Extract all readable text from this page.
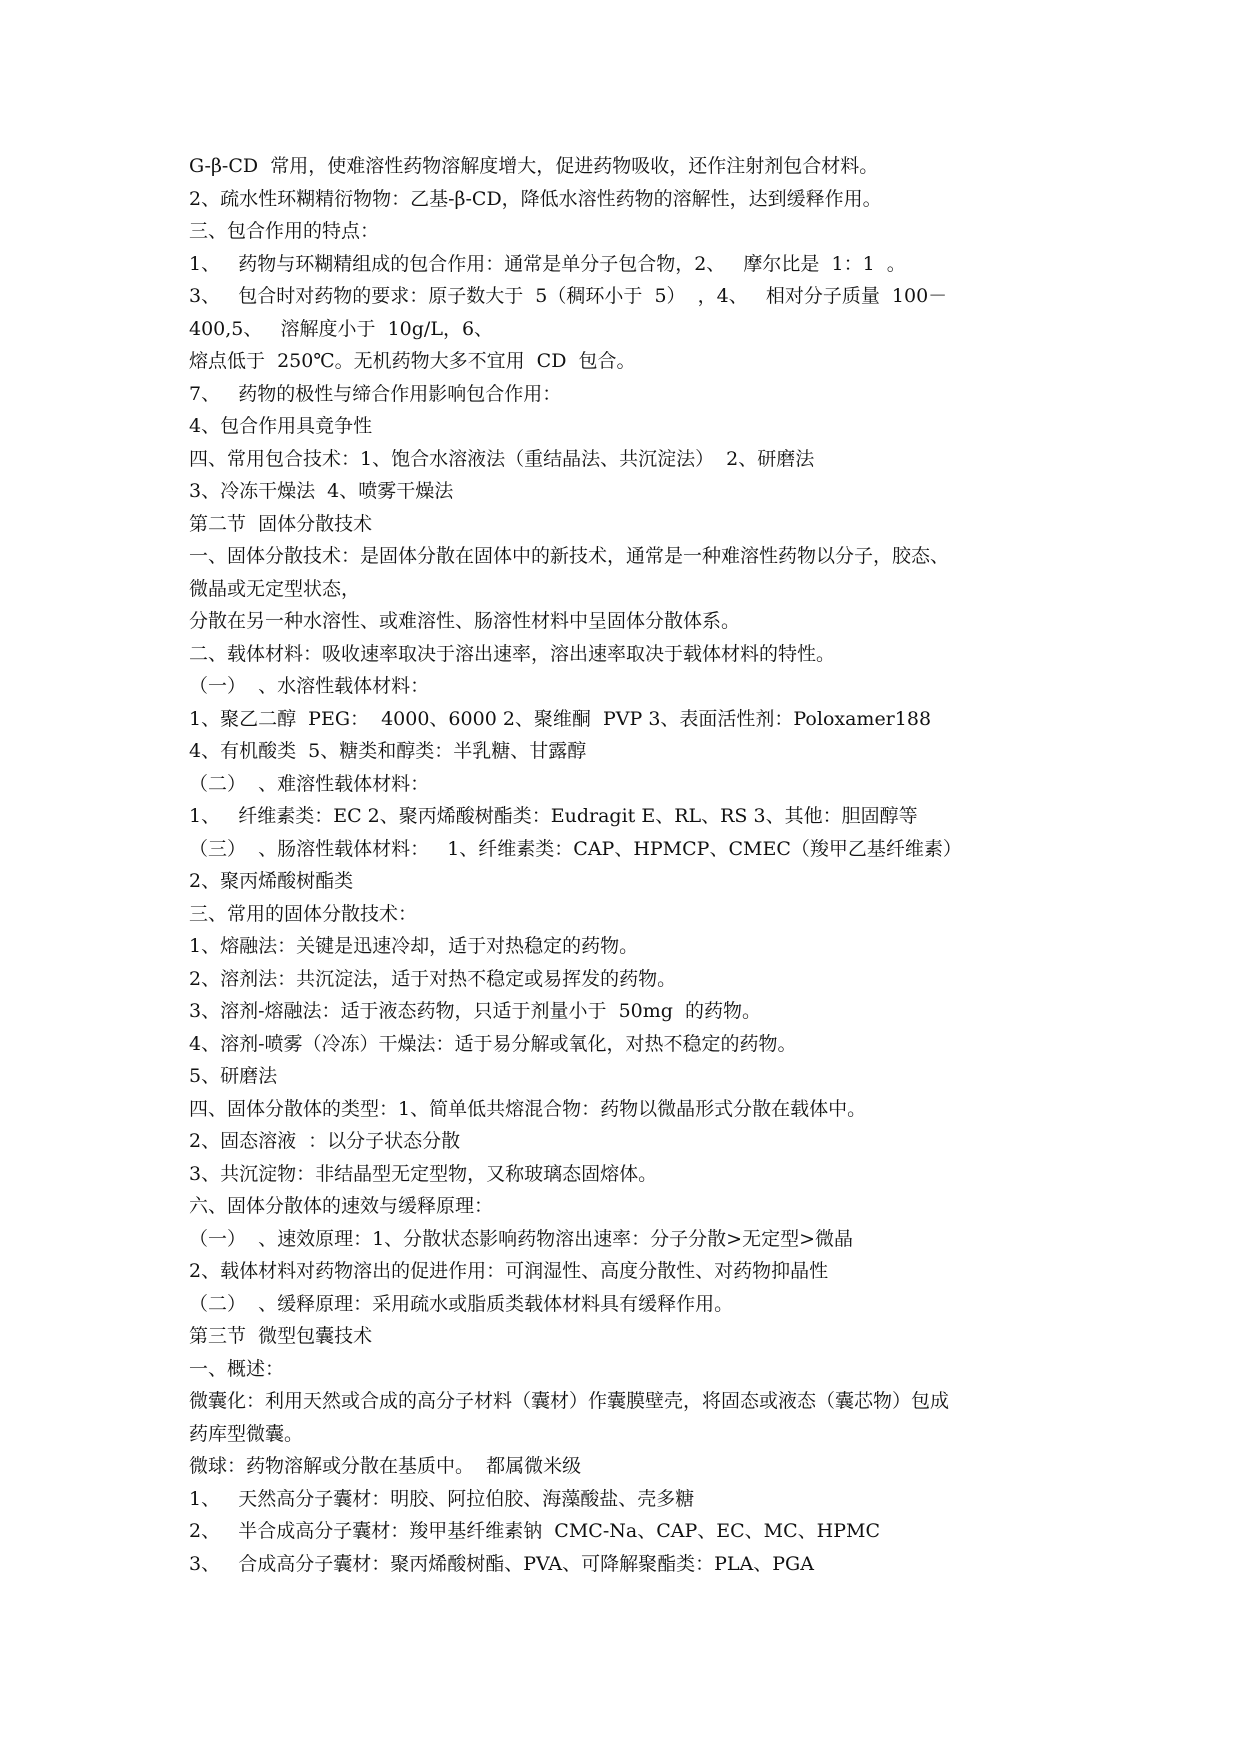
G-β-CD  常用，使难溶性药物溶解度增大，促进药物吸收，还作注射剂包合材料。
2、疏水性环糊精衍物物：乙基-β-CD，降低水溶性药物的溶解性，达到缓释作用。
三、包合作用的特点：
1、   药物与环糊精组成的包合作用：通常是单分子包合物，2、   摩尔比是  1：1  。
3、   包合时对药物的要求：原子数大于  5（稠环小于  5）  ，4、   相对分子质量  100－
400,5、   溶解度小于  10g/L，6、
熔点低于  250℃。无机药物大多不宜用  CD  包合。
7、   药物的极性与缔合作用影响包合作用：
4、包合作用具竟争性
四、常用包合技术：1、饱合水溶液法（重结晶法、共沉淀法）  2、研磨法
3、冷冻干燥法  4、喷雾干燥法
第二节  固体分散技术
一、固体分散技术：是固体分散在固体中的新技术，通常是一种难溶性药物以分子，胶态、
微晶或无定型状态，
分散在另一种水溶性、或难溶性、肠溶性材料中呈固体分散体系。
二、载体材料：吸收速率取决于溶出速率，溶出速率取决于载体材料的特性。
（一）  、水溶性载体材料：
1、聚乙二醇  PEG：  4000、6000 2、聚维酮  PVP 3、表面活性剂：Poloxamer188
4、有机酸类  5、糖类和醇类：半乳糖、甘露醇
（二）  、难溶性载体材料：
1、   纤维素类：EC 2、聚丙烯酸树酯类：Eudragit E、RL、RS 3、其他：胆固醇等
（三）  、肠溶性载体材料：   1、纤维素类：CAP、HPMCP、CMEC（羧甲乙基纤维素）
2、聚丙烯酸树酯类
三、常用的固体分散技术：
1、熔融法：关键是迅速冷却，适于对热稳定的药物。
2、溶剂法：共沉淀法，适于对热不稳定或易挥发的药物。
3、溶剂-熔融法：适于液态药物，只适于剂量小于  50mg  的药物。
4、溶剂-喷雾（冷冻）干燥法：适于易分解或氧化，对热不稳定的药物。
5、研磨法
四、固体分散体的类型：1、简单低共熔混合物：药物以微晶形式分散在载体中。
2、固态溶液  ：以分子状态分散
3、共沉淀物：非结晶型无定型物，又称玻璃态固熔体。
六、固体分散体的速效与缓释原理：
（一）  、速效原理：1、分散状态影响药物溶出速率：分子分散>无定型>微晶
2、载体材料对药物溶出的促进作用：可润湿性、高度分散性、对药物抑晶性
（二）  、缓释原理：采用疏水或脂质类载体材料具有缓释作用。
第三节  微型包囊技术
一、概述：
微囊化：利用天然或合成的高分子材料（囊材）作囊膜壁壳，将固态或液态（囊芯物）包成
药库型微囊。
微球：药物溶解或分散在基质中。  都属微米级
1、   天然高分子囊材：明胶、阿拉伯胶、海藻酸盐、壳多糖
2、   半合成高分子囊材：羧甲基纤维素钠  CMC-Na、CAP、EC、MC、HPMC
3、   合成高分子囊材：聚丙烯酸树酯、PVA、可降解聚酯类：PLA、PGA
